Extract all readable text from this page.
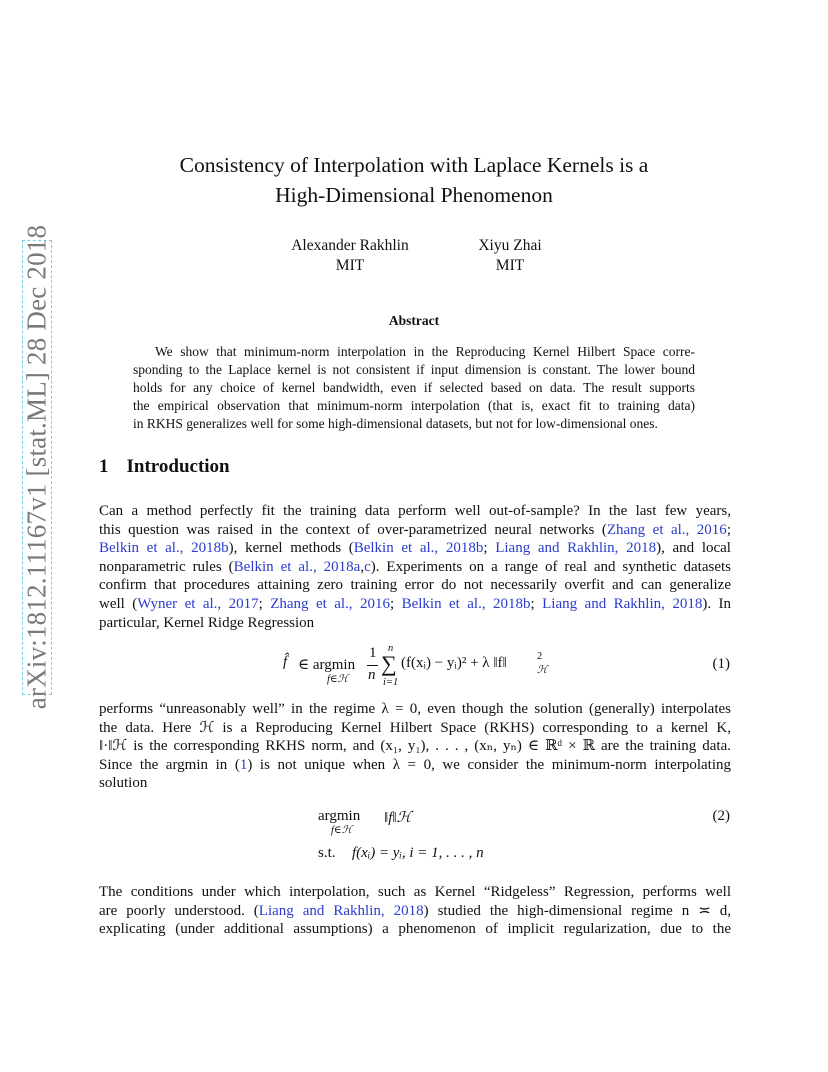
arXiv:1812.11167v1 [stat.ML] 28 Dec 2018
Consistency of Interpolation with Laplace Kernels is a
High-Dimensional Phenomenon
Alexander Rakhlin
MIT
Xiyu Zhai
MIT
Abstract
We show that minimum-norm interpolation in the Reproducing Kernel Hilbert Space corre-
sponding to the Laplace kernel is not consistent if input dimension is constant. The lower bound
holds for any choice of kernel bandwidth, even if selected based on data. The result supports
the empirical observation that minimum-norm interpolation (that is, exact fit to training data)
in RKHS generalizes well for some high-dimensional datasets, but not for low-dimensional ones.
1 Introduction
Can a method perfectly fit the training data perform well out-of-sample? In the last few years,
this question was raised in the context of over-parametrized neural networks (Zhang et al., 2016;
Belkin et al., 2018b), kernel methods (Belkin et al., 2018b; Liang and Rakhlin, 2018), and local
nonparametric rules (Belkin et al., 2018a,c). Experiments on a range of real and synthetic datasets
confirm that procedures attaining zero training error do not necessarily overfit and can generalize
well (Wyner et al., 2017; Zhang et al., 2016; Belkin et al., 2018b; Liang and Rakhlin, 2018). In
particular, Kernel Ridge Regression
f̂ ∈ argmin
f∈ℋ
1
n
n
∑
i=1
(f(xᵢ) − yᵢ)² + λ ‖f‖	2
ℋ	(1)
performs “unreasonably well” in the regime λ = 0, even though the solution (generally) interpolates
the data. Here ℋ is a Reproducing Kernel Hilbert Space (RKHS) corresponding to a kernel K,
‖·‖ℋ is the corresponding RKHS norm, and (x₁, y₁), . . . , (xₙ, yₙ) ∈ ℝᵈ × ℝ are the training data.
Since the argmin in (1) is not unique when λ = 0, we consider the minimum-norm interpolating
solution
argmin
f∈ℋ
‖f‖ℋ
s.t. f(xᵢ) = yᵢ, i = 1, . . . , n
(2)
The conditions under which interpolation, such as Kernel “Ridgeless” Regression, performs well
are poorly understood. (Liang and Rakhlin, 2018) studied the high-dimensional regime n ≍ d,
explicating (under additional assumptions) a phenomenon of implicit regularization, due to the
